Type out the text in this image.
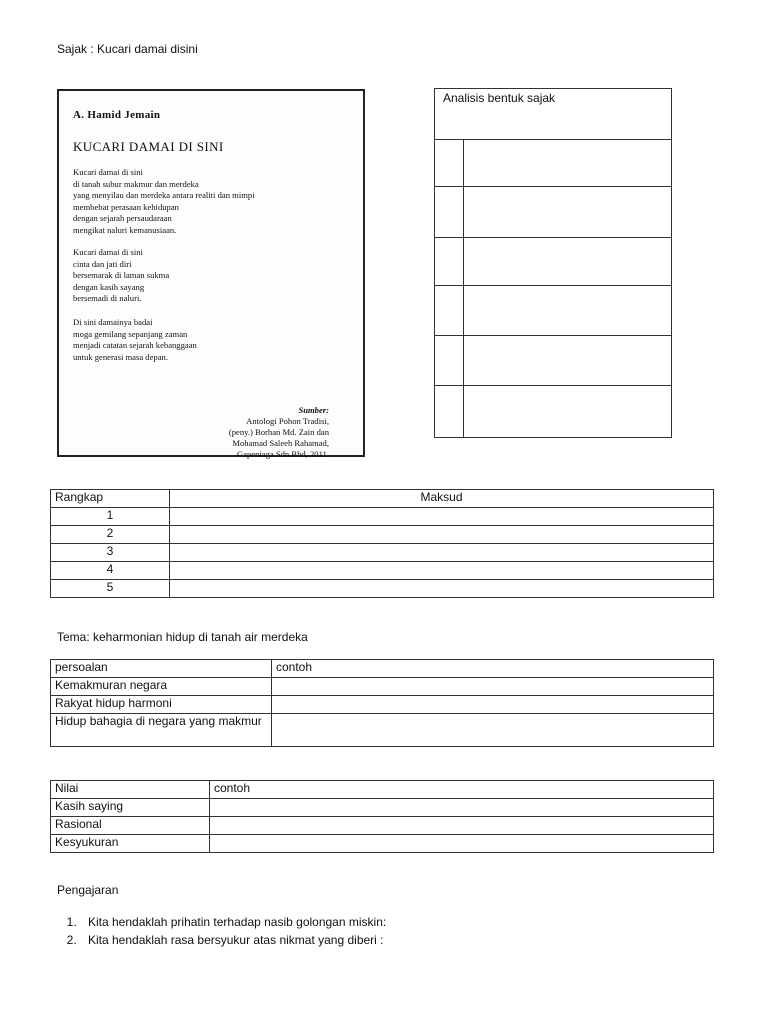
Sajak : Kucari damai disini
A. Hamid Jemain
KUCARI DAMAI DI SINI
Kucari damai di sini
di tanah subur makmur dan merdeka
yang menyilau dan merdeka antara realiti dan mimpi
membebat perasaan kehidupan
dengan sejarah persaudaraan
mengikat naluri kemanusiaan.
Kucari damai di sini
cinta dan jati diri
bersemarak di laman sukma
dengan kasih sayang
bersemadi di naluri.
Di sini damainya badai
moga gemilang sepanjang zaman
menjadi catatan sejarah kebanggaan
untuk generasi masa depan.
Sumber:
Antologi Pohon Tradisi,
(peny.) Borhan Md. Zain dan
Mohamad Saleeh Rahamad,
Gapeniaga Sdn Bhd, 2011.
Analisis bentuk sajak
Rangkap	Maksud
1	
2	
3	
4	
5	
Tema: keharmonian hidup di tanah air merdeka
persoalan	contoh
Kemakmuran negara	
Rakyat hidup harmoni	
Hidup bahagia di negara yang makmur	
Nilai	contoh
Kasih saying	
Rasional	
Kesyukuran	
Pengajaran
1. Kita hendaklah prihatin terhadap nasib golongan miskin:
2. Kita hendaklah rasa bersyukur atas nikmat yang diberi :
